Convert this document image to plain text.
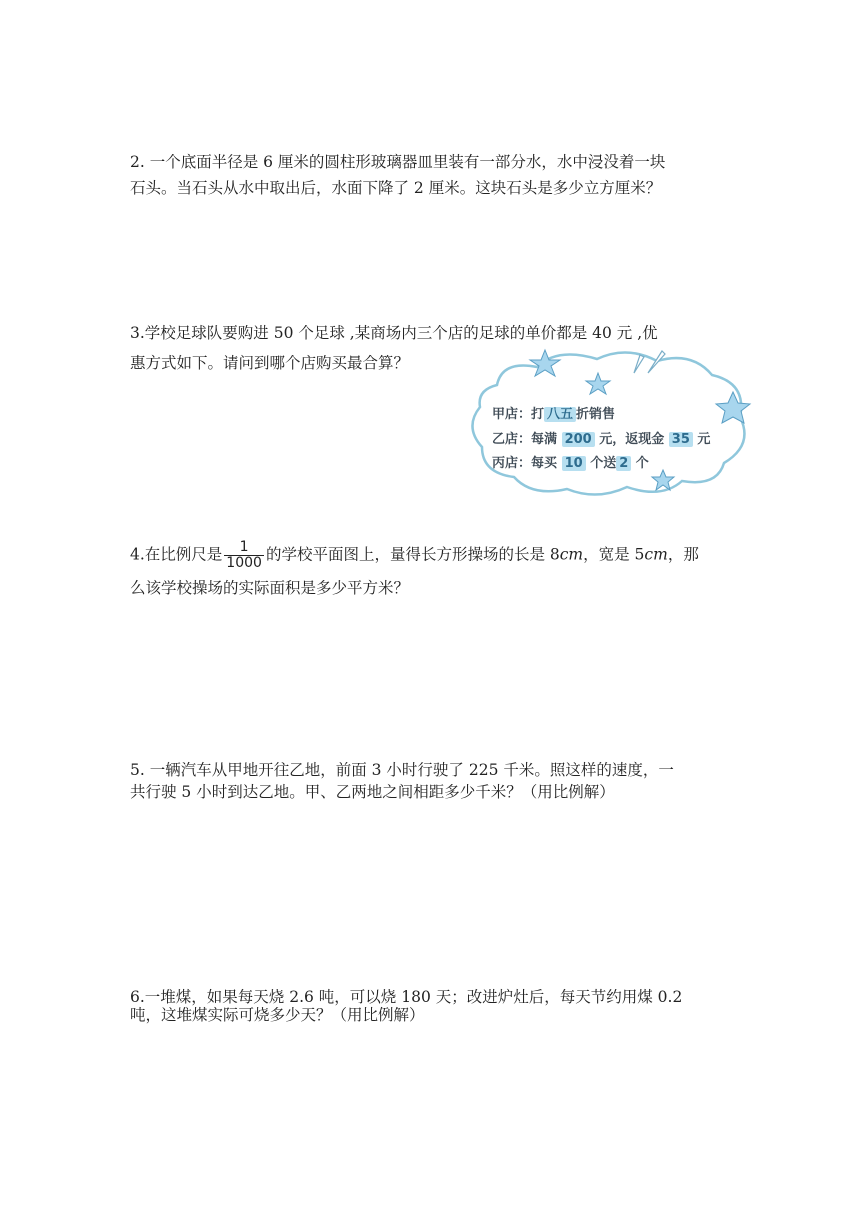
2. 一个底面半径是 6 厘米的圆柱形玻璃器皿里装有一部分水，水中浸没着一块
石头。当石头从水中取出后，水面下降了 2 厘米。这块石头是多少立方厘米？
3.学校足球队要购进 50 个足球 ,某商场内三个店的足球的单价都是 40 元 ,优
惠方式如下。请问到哪个店购买最合算？
甲店：打 八五 折销售
乙店：每满 200 元，返现金 35 元
丙店：每买 10 个送 2 个
4.在比例尺是 $\frac{1}{1000}$ 的学校平面图上，量得长方形操场的长是 8cm，宽是 5cm，那
么该学校操场的实际面积是多少平方米？
5. 一辆汽车从甲地开往乙地，前面 3 小时行驶了 225 千米。照这样的速度，一
共行驶 5 小时到达乙地。甲、乙两地之间相距多少千米？（用比例解）
6.一堆煤，如果每天烧 2.6 吨，可以烧 180 天；改进炉灶后，每天节约用煤 0.2
吨，这堆煤实际可烧多少天？（用比例解）
